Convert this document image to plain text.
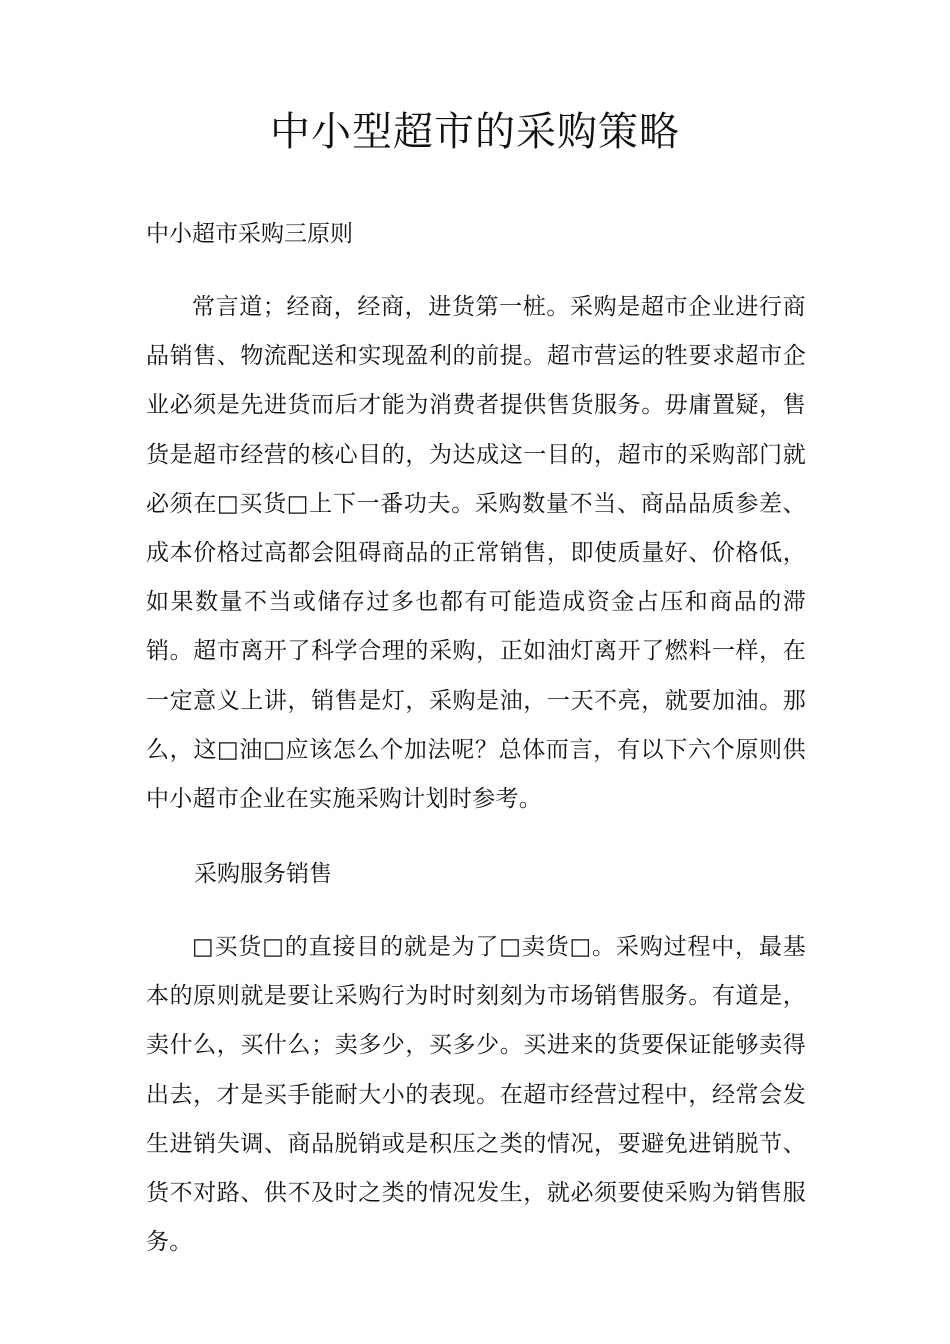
中小型超市的采购策略
中小超市采购三原则

常言道；经商，经商，进货第一桩。采购是超市企业进行商品销售、物流配送和实现盈利的前提。超市营运的牲要求超市企业必须是先进货而后才能为消费者提供售货服务。毋庸置疑，售货是超市经营的核心目的，为达成这一目的，超市的采购部门就必须在□买货□上下一番功夫。采购数量不当、商品品质参差、成本价格过高都会阻碍商品的正常销售，即使质量好、价格低，如果数量不当或储存过多也都有可能造成资金占压和商品的滞销。超市离开了科学合理的采购，正如油灯离开了燃料一样，在一定意义上讲，销售是灯，采购是油，一天不亮，就要加油。那么，这□油□应该怎么个加法呢？总体而言，有以下六个原则供中小超市企业在实施采购计划时参考。

采购服务销售

□买货□的直接目的就是为了□卖货□。采购过程中，最基本的原则就是要让采购行为时时刻刻为市场销售服务。有道是，卖什么，买什么；卖多少，买多少。买进来的货要保证能够卖得出去，才是买手能耐大小的表现。在超市经营过程中，经常会发生进销失调、商品脱销或是积压之类的情况，要避免进销脱节、货不对路、供不及时之类的情况发生，就必须要使采购为销售服务。
